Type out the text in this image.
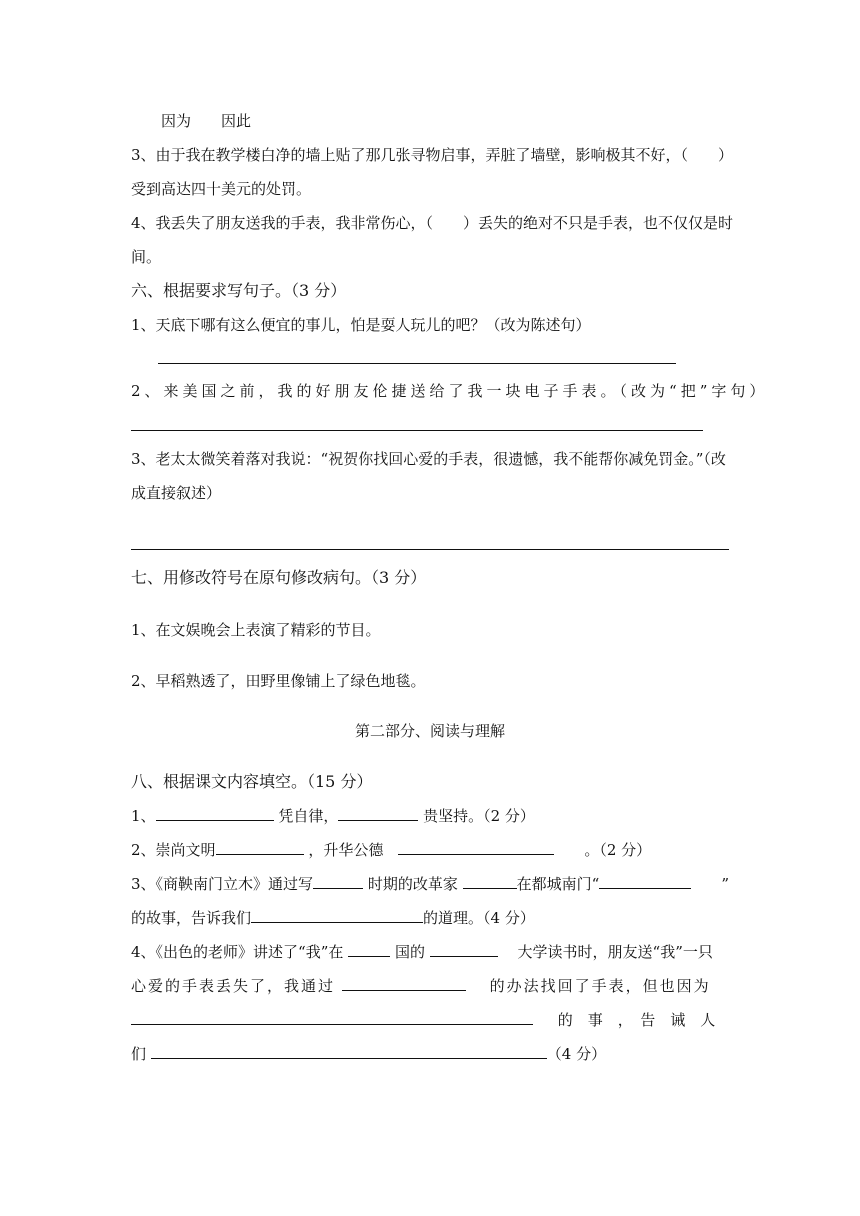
因为　　因此
3、由于我在教学楼白净的墙上贴了那几张寻物启事，弄脏了墙壁，影响极其不好，（　　）
受到高达四十美元的处罚。
4、我丢失了朋友送我的手表，我非常伤心，（　　）丢失的绝对不只是手表，也不仅仅是时
间。
六、根据要求写句子。（3 分）
1、天底下哪有这么便宜的事儿，怕是耍人玩儿的吧？（改为陈述句）
2、来美国之前，我的好朋友伦捷送给了我一块电子手表。（改为“把”字句）
3、老太太微笑着落对我说：“祝贺你找回心爱的手表，很遗憾，我不能帮你减免罚金。”（改
成直接叙述）
七、用修改符号在原句修改病句。（3 分）
1、在文娱晚会上表演了精彩的节目。
2、早稻熟透了，田野里像铺上了绿色地毯。
第二部分、阅读与理解
八、根据课文内容填空。（15 分）
1、	凭自律，	贵坚持。（2 分）
2、崇尚文明	，升华公德　　　	。（2 分）
3、《商鞅南门立木》通过写	时期的改革家	在都城南门“　　	”
的故事，告诉我们	的道理。（4 分）
4、《出色的老师》讲述了“我”在	国的 　	大学读书时，朋友送“我”一只
心爱的手表丢失了，我通过 　	的办法找回了手表，但也因为
的　事　，　告　诫　人
们	（4 分）
